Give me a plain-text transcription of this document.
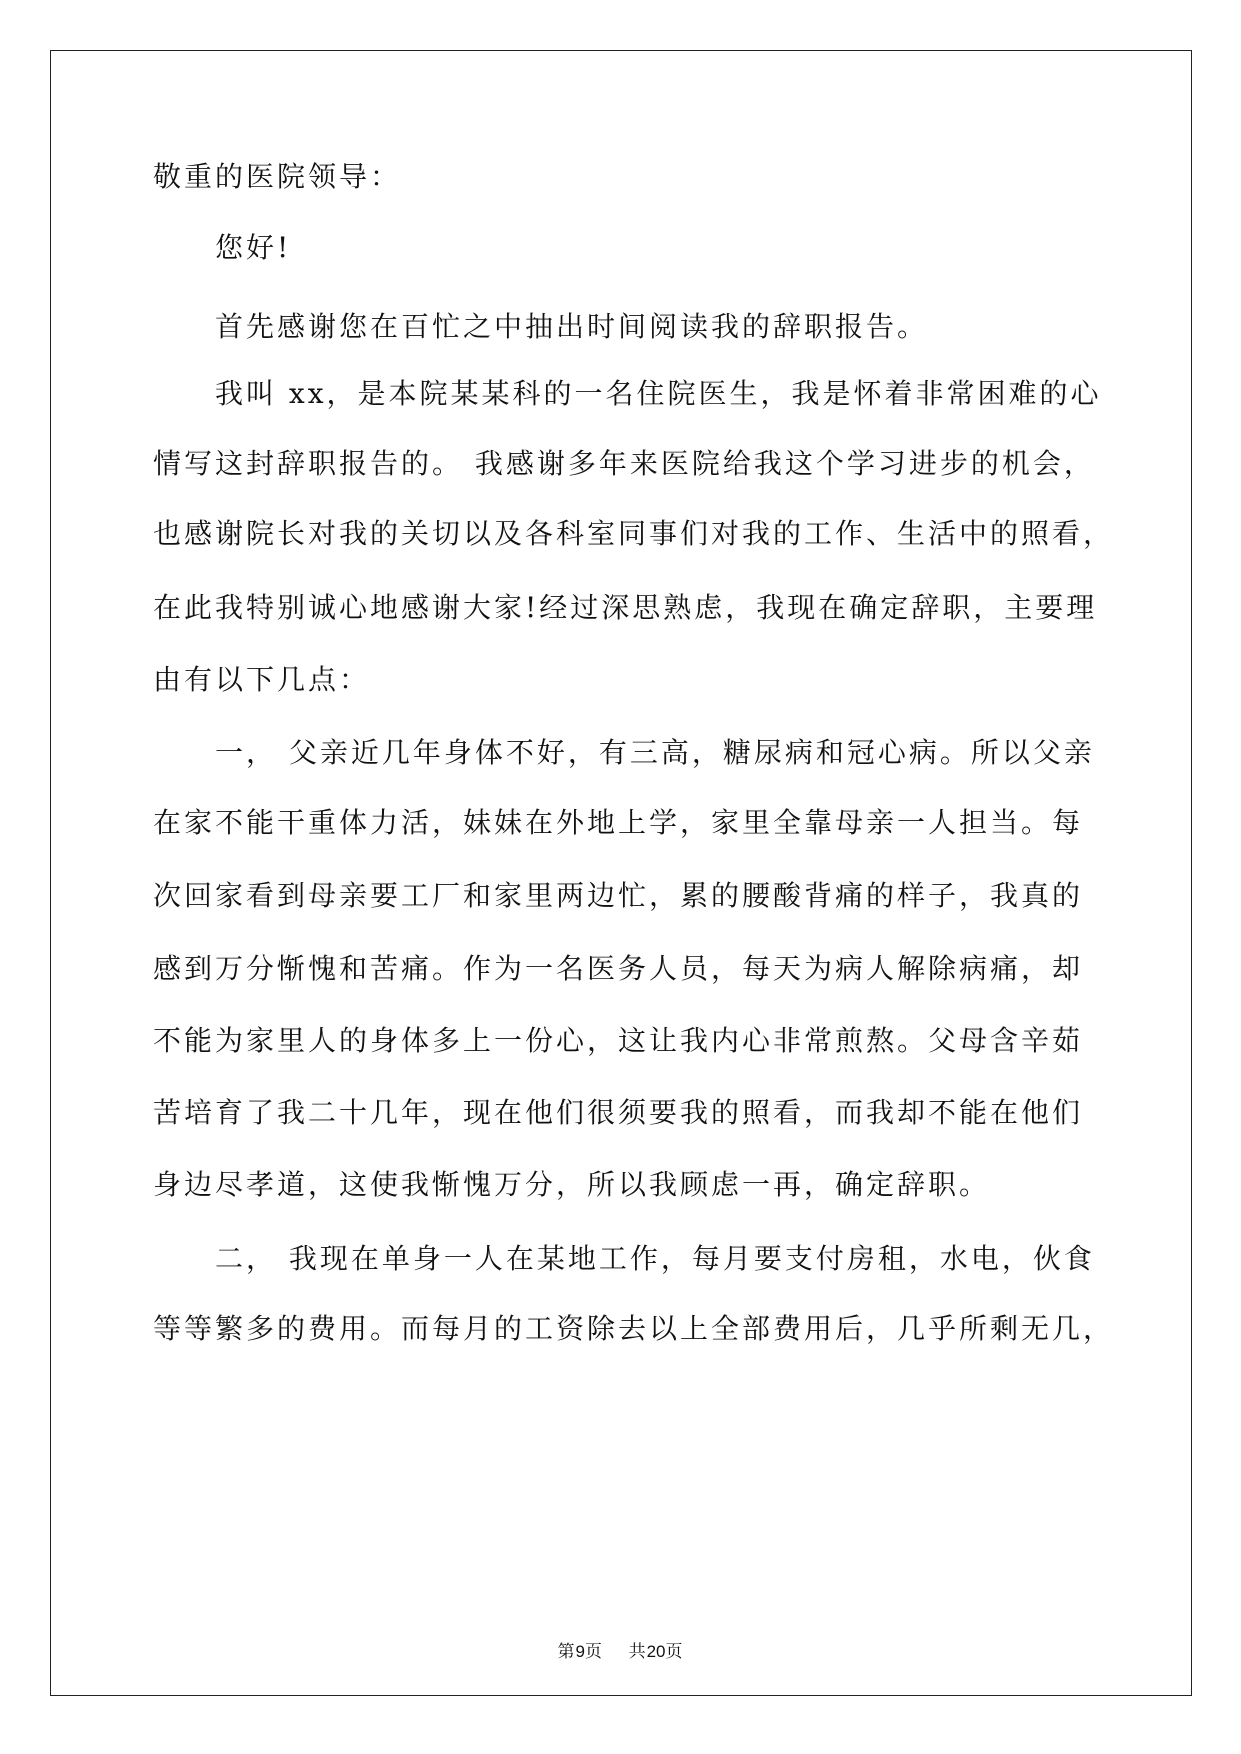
敬重的医院领导：
您好!
首先感谢您在百忙之中抽出时间阅读我的辞职报告。
我叫 xx，是本院某某科的一名住院医生，我是怀着非常困难的心
情写这封辞职报告的。 我感谢多年来医院给我这个学习进步的机会，
也感谢院长对我的关切以及各科室同事们对我的工作、生活中的照看，
在此我特别诚心地感谢大家!经过深思熟虑，我现在确定辞职，主要理
由有以下几点：
一， 父亲近几年身体不好，有三高，糖尿病和冠心病。所以父亲
在家不能干重体力活，妹妹在外地上学，家里全靠母亲一人担当。每
次回家看到母亲要工厂和家里两边忙，累的腰酸背痛的样子，我真的
感到万分惭愧和苦痛。作为一名医务人员，每天为病人解除病痛，却
不能为家里人的身体多上一份心，这让我内心非常煎熬。父母含辛茹
苦培育了我二十几年，现在他们很须要我的照看，而我却不能在他们
身边尽孝道，这使我惭愧万分，所以我顾虑一再，确定辞职。
二， 我现在单身一人在某地工作，每月要支付房租，水电，伙食
等等繁多的费用。而每月的工资除去以上全部费用后，几乎所剩无几，
第9页    共20页
